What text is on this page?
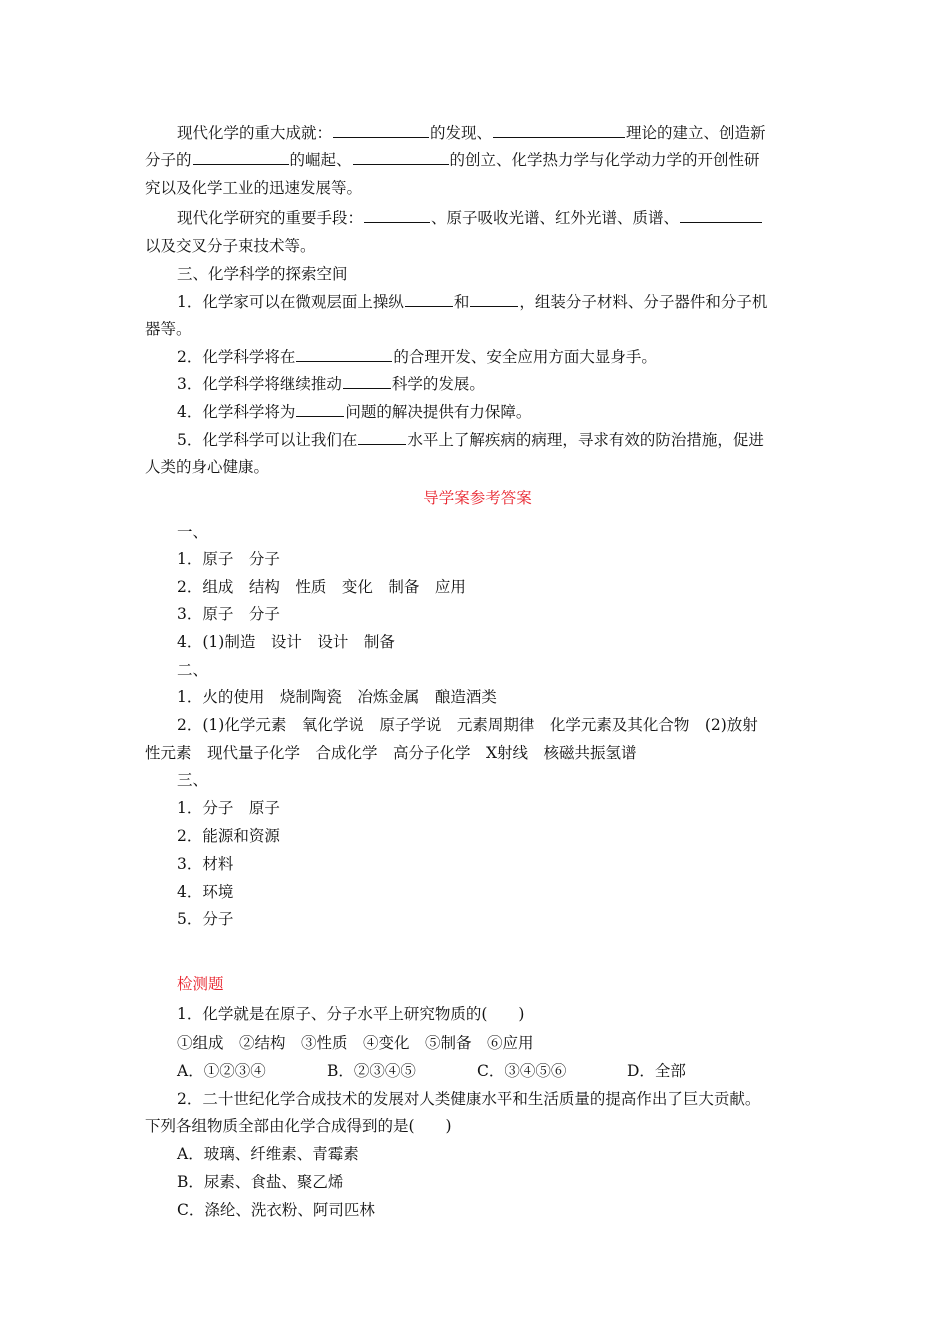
现代化学的重大成就：	的发现、	理论的建立、创造新
分子的	的崛起、	的创立、化学热力学与化学动力学的开创性研
究以及化学工业的迅速发展等。
现代化学研究的重要手段：	、原子吸收光谱、红外光谱、质谱、
以及交叉分子束技术等。
三、化学科学的探索空间
1．化学家可以在微观层面上操纵	和	，组装分子材料、分子器件和分子机
器等。
2．化学科学将在	的合理开发、安全应用方面大显身手。
3．化学科学将继续推动	科学的发展。
4．化学科学将为	问题的解决提供有力保障。
5．化学科学可以让我们在	水平上了解疾病的病理，寻求有效的防治措施，促进
人类的身心健康。
导学案参考答案
一、
1．原子　分子
2．组成　结构　性质　变化　制备　应用
3．原子　分子
4．(1)制造　设计　设计　制备
二、
1．火的使用　烧制陶瓷　冶炼金属　酿造酒类
2．(1)化学元素　氧化学说　原子学说　元素周期律　化学元素及其化合物　(2)放射
性元素　现代量子化学　合成化学　高分子化学　X射线　核磁共振氢谱
三、
1．分子　原子
2．能源和资源
3．材料
4．环境
5．分子
检测题
1．化学就是在原子、分子水平上研究物质的(　　)
①组成　②结构　③性质　④变化　⑤制备　⑥应用
A．①②③④	B．②③④⑤	C．③④⑤⑥	D．全部
2．二十世纪化学合成技术的发展对人类健康水平和生活质量的提高作出了巨大贡献。
下列各组物质全部由化学合成得到的是(　　)
A．玻璃、纤维素、青霉素
B．尿素、食盐、聚乙烯
C．涤纶、洗衣粉、阿司匹林
